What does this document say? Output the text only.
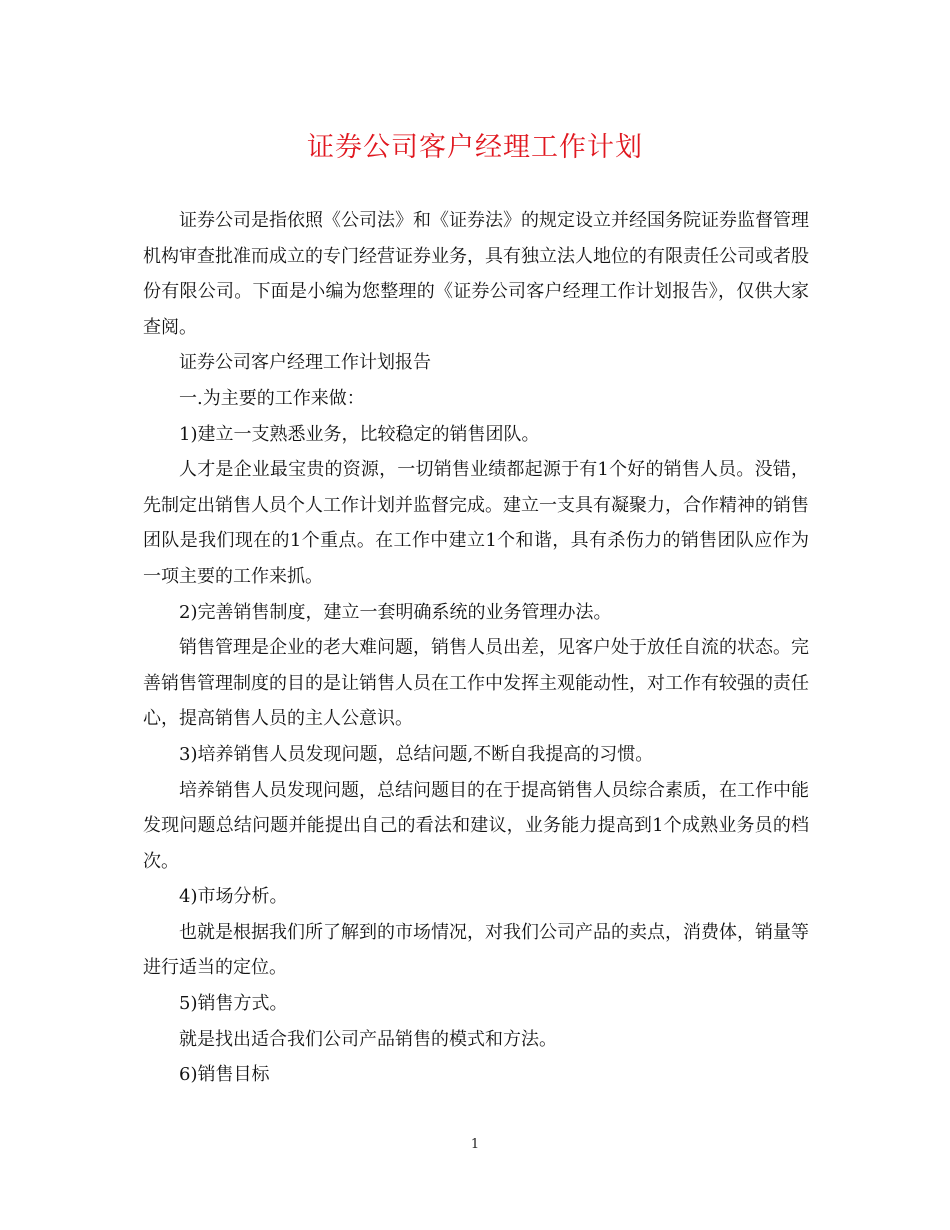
证券公司客户经理工作计划

证券公司是指依照《公司法》和《证券法》的规定设立并经国务院证券监督管理机构审查批准而成立的专门经营证券业务，具有独立法人地位的有限责任公司或者股份有限公司。下面是小编为您整理的《证券公司客户经理工作计划报告》，仅供大家查阅。

证券公司客户经理工作计划报告

一.为主要的工作来做：

1)建立一支熟悉业务，比较稳定的销售团队。

人才是企业最宝贵的资源，一切销售业绩都起源于有1个好的销售人员。没错，先制定出销售人员个人工作计划并监督完成。建立一支具有凝聚力，合作精神的销售团队是我们现在的1个重点。在工作中建立1个和谐，具有杀伤力的销售团队应作为一项主要的工作来抓。

2)完善销售制度，建立一套明确系统的业务管理办法。

销售管理是企业的老大难问题，销售人员出差，见客户处于放任自流的状态。完善销售管理制度的目的是让销售人员在工作中发挥主观能动性，对工作有较强的责任心，提高销售人员的主人公意识。

3)培养销售人员发现问题，总结问题,不断自我提高的习惯。

培养销售人员发现问题，总结问题目的在于提高销售人员综合素质，在工作中能发现问题总结问题并能提出自己的看法和建议，业务能力提高到1个成熟业务员的档次。

4)市场分析。

也就是根据我们所了解到的市场情况，对我们公司产品的卖点，消费体，销量等进行适当的定位。

5)销售方式。

就是找出适合我们公司产品销售的模式和方法。

6)销售目标

1
